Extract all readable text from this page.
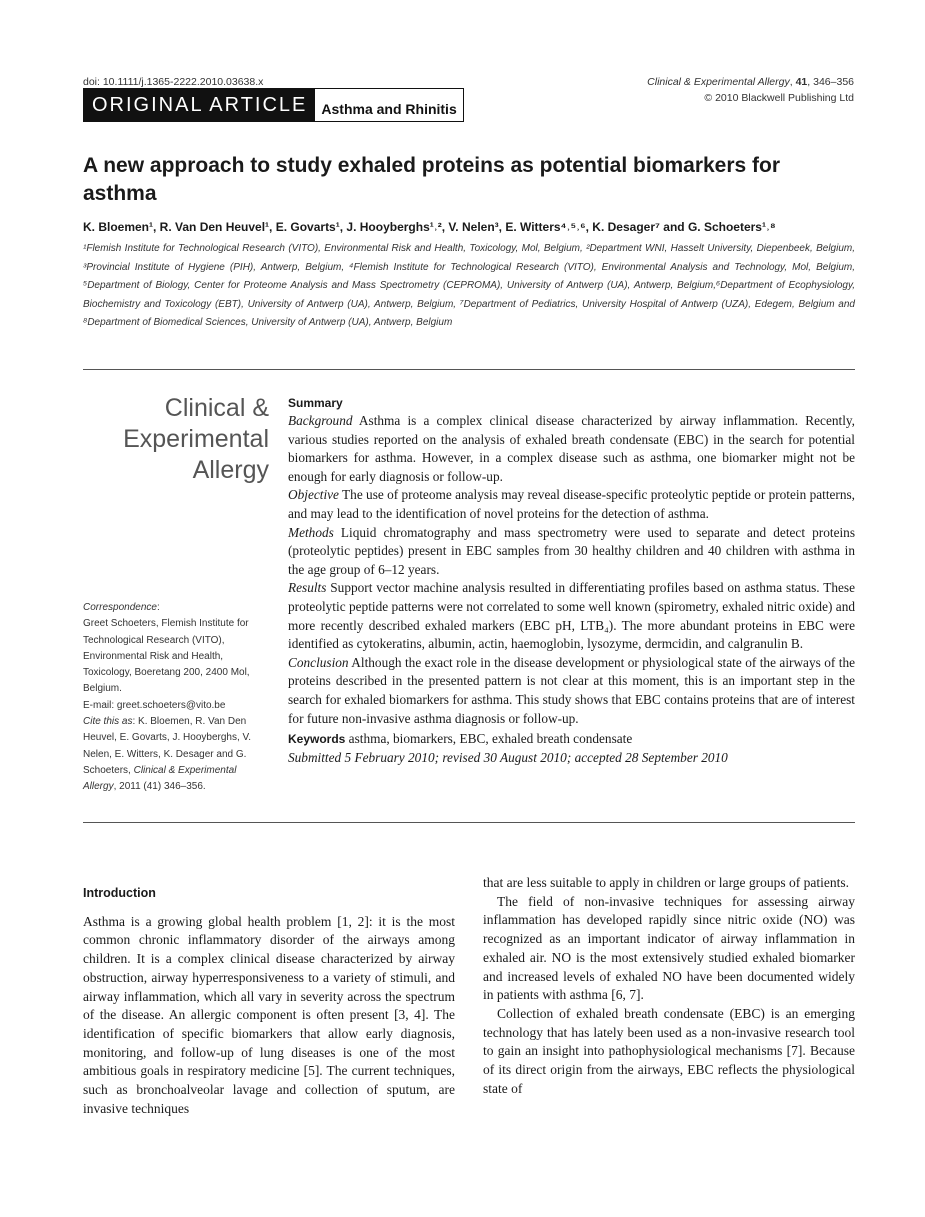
doi: 10.1111/j.1365-2222.2010.03638.x	Clinical & Experimental Allergy, 41, 346–356
© 2010 Blackwell Publishing Ltd
ORIGINAL ARTICLE	Asthma and Rhinitis
A new approach to study exhaled proteins as potential biomarkers for asthma
K. Bloemen¹, R. Van Den Heuvel¹, E. Govarts¹, J. Hooyberghs¹˒², V. Nelen³, E. Witters⁴˒⁵˒⁶, K. Desager⁷ and G. Schoeters¹˒⁸
¹Flemish Institute for Technological Research (VITO), Environmental Risk and Health, Toxicology, Mol, Belgium, ²Department WNI, Hasselt University, Diepenbeek, Belgium, ³Provincial Institute of Hygiene (PIH), Antwerp, Belgium, ⁴Flemish Institute for Technological Research (VITO), Environmental Analysis and Technology, Mol, Belgium, ⁵Department of Biology, Center for Proteome Analysis and Mass Spectrometry (CEPROMA), University of Antwerp (UA), Antwerp, Belgium,⁶Department of Ecophysiology, Biochemistry and Toxicology (EBT), University of Antwerp (UA), Antwerp, Belgium, ⁷Department of Pediatrics, University Hospital of Antwerp (UZA), Edegem, Belgium and ⁸Department of Biomedical Sciences, University of Antwerp (UA), Antwerp, Belgium
Clinical &
Experimental
Allergy

Summary

Background Asthma is a complex clinical disease characterized by airway inflammation. Recently, various studies reported on the analysis of exhaled breath condensate (EBC) in the search for potential biomarkers for asthma. However, in a complex disease such as asthma, one biomarker might not be enough for early diagnosis or follow-up.

Objective The use of proteome analysis may reveal disease-specific proteolytic peptide or protein patterns, and may lead to the identification of novel proteins for the detection of asthma.

Methods Liquid chromatography and mass spectrometry were used to separate and detect proteins (proteolytic peptides) present in EBC samples from 30 healthy children and 40 children with asthma in the age group of 6–12 years.

Results Support vector machine analysis resulted in differentiating profiles based on asthma status. These proteolytic peptide patterns were not correlated to some well known (spirometry, exhaled nitric oxide) and more recently described exhaled markers (EBC pH, LTB₄). The more abundant proteins in EBC were identified as cytokeratins, albumin, actin, haemoglobin, lysozyme, dermcidin, and calgranulin B.

Conclusion Although the exact role in the disease development or physiological state of the airways of the proteins described in the presented pattern is not clear at this moment, this is an important step in the search for exhaled biomarkers for asthma. This study shows that EBC contains proteins that are of interest for future non-invasive asthma diagnosis or follow-up.

Keywords asthma, biomarkers, EBC, exhaled breath condensate

Submitted 5 February 2010; revised 30 August 2010; accepted 28 September 2010

Correspondence:

Greet Schoeters, Flemish Institute for Technological Research (VITO), Environmental Risk and Health, Toxicology, Boeretang 200, 2400 Mol, Belgium.

E-mail: greet.schoeters@vito.be

Cite this as: K. Bloemen, R. Van Den Heuvel, E. Govarts, J. Hooyberghs, V. Nelen, E. Witters, K. Desager and G. Schoeters, Clinical & Experimental Allergy, 2011 (41) 346–356.

Introduction

Asthma is a growing global health problem [1, 2]: it is the most common chronic inflammatory disorder of the airways among children. It is a complex clinical disease characterized by airway obstruction, airway hyperresponsiveness to a variety of stimuli, and airway inflammation, which all vary in severity across the spectrum of the disease. An allergic component is often present [3, 4]. The identification of specific biomarkers that allow early diagnosis, monitoring, and follow-up of lung diseases is one of the most ambitious goals in respiratory medicine [5]. The current techniques, such as bronchoalveolar lavage and collection of sputum, are invasive techniques

that are less suitable to apply in children or large groups of patients.

The field of non-invasive techniques for assessing airway inflammation has developed rapidly since nitric oxide (NO) was recognized as an important indicator of airway inflammation in exhaled air. NO is the most extensively studied exhaled biomarker and increased levels of exhaled NO have been documented widely in patients with asthma [6, 7].

Collection of exhaled breath condensate (EBC) is an emerging technology that has lately been used as a non-invasive research tool to gain an insight into pathophysiological mechanisms [7]. Because of its direct origin from the airways, EBC reflects the physiological state of
